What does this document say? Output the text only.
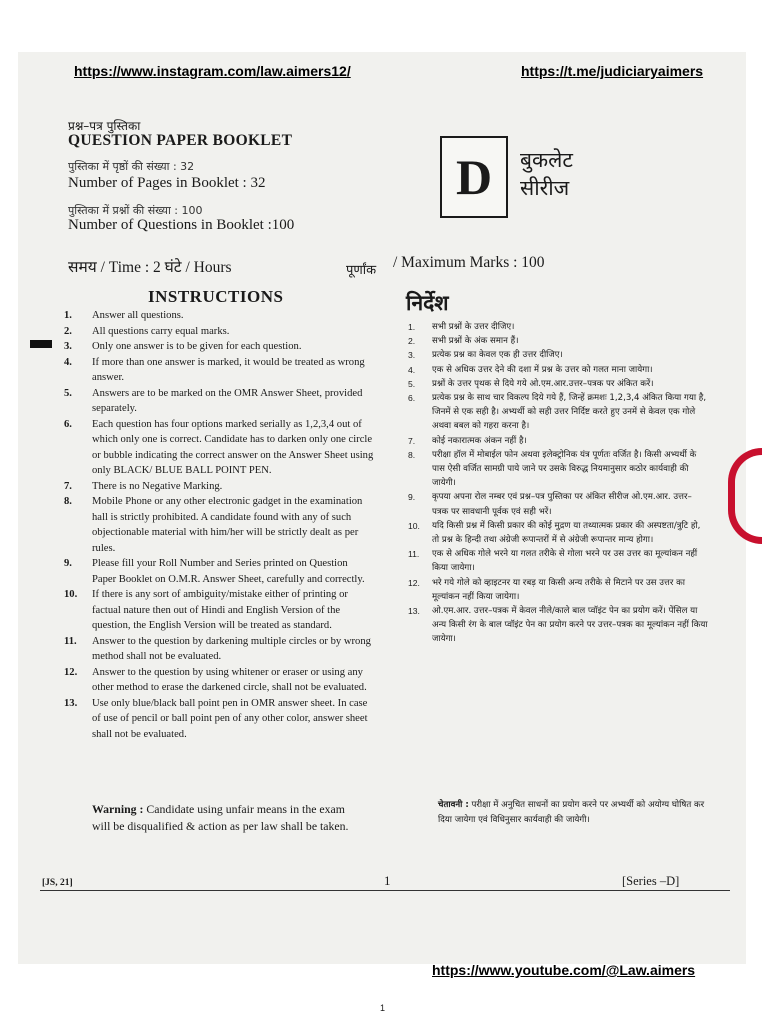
https://www.instagram.com/law.aimers12/	https://t.me/judiciaryaimers
प्रश्न–पत्र पुस्तिका
QUESTION PAPER BOOKLET
पुस्तिका में पृष्ठों की संख्या : 32
Number of Pages in Booklet : 32
पुस्तिका में प्रश्नों की संख्या : 100
Number of Questions in Booklet :100
D बुकलेट
सीरीज
समय / Time : 2 घंटे / Hours	पूर्णांक / Maximum Marks : 100
INSTRUCTIONS
1.	Answer all questions.
2.	All questions carry equal marks.
3.	Only one answer is to be given for each question.
4.	If more than one answer is marked, it would be treated as wrong answer.
5.	Answers are to be marked on the OMR Answer Sheet, provided separately.
6.	Each question has four options marked serially as 1,2,3,4 out of which only one is correct. Candidate has to darken only one circle or bubble indicating the correct answer on the Answer Sheet using only BLACK/ BLUE BALL POINT PEN.
7.	There is no Negative Marking.
8.	Mobile Phone or any other electronic gadget in the examination hall is strictly prohibited. A candidate found with any of such objectionable material with him/her will be strictly dealt as per rules.
9.	Please fill your Roll Number and Series printed on Question Paper Booklet on O.M.R. Answer Sheet, carefully and correctly.
10.	If there is any sort of ambiguity/mistake either of printing or factual nature then out of Hindi and English Version of the question, the English Version will be treated as standard.
11.	Answer to the question by darkening multiple circles or by wrong method shall not be evaluated.
12.	Answer to the question by using whitener or eraser or using any other method to erase the darkened circle, shall not be evaluated.
13.	Use only blue/black ball point pen in OMR answer sheet. In case of use of pencil or ball point pen of any other color, answer sheet shall not be evaluated.
Warning : Candidate using unfair means in the exam will be disqualified & action as per law shall be taken.
निर्देश
1.	सभी प्रश्नों के उत्तर दीजिए।
2.	सभी प्रश्नों के अंक समान हैं।
3.	प्रत्येक प्रश्न का केवल एक ही उत्तर दीजिए।
4.	एक से अधिक उत्तर देने की दशा में प्रश्न के उत्तर को गलत माना जायेगा।
5.	प्रश्नों के उत्तर पृथक से दिये गये ओ.एम.आर.उत्तर–पत्रक पर अंकित करें।
6.	प्रत्येक प्रश्न के साथ चार विकल्प दिये गये हैं, जिन्हें क्रमशः 1,2,3,4 अंकित किया गया है, जिनमें से एक सही है। अभ्यर्थी को सही उत्तर निर्दिष्ट करते हुए उनमें से केवल एक गोले अथवा बबल को गहरा करना है।
7.	कोई नकारात्मक अंकन नहीं है।
8.	परीक्षा हॉल में मोबाईल फोन अथवा इलेक्ट्रोनिक यंत्र पूर्णतः वर्जित है। किसी अभ्यर्थी के पास ऐसी वर्जित सामग्री पाये जाने पर उसके विरुद्ध नियमानुसार कठोर कार्यवाही की जायेगी।
9.	कृपया अपना रोल नम्बर एवं प्रश्न–पत्र पुस्तिका पर अंकित सीरीज ओ.एम.आर. उत्तर–पत्रक पर सावधानी पूर्वक एवं सही भरें।
10.	यदि किसी प्रश्न में किसी प्रकार की कोई मुद्रण या तथ्यात्मक प्रकार की अस्पष्टता/त्रुटि हो, तो प्रश्न के हिन्दी तथा अंग्रेजी रूपान्तरों में से अंग्रेजी रूपान्तर मान्य होगा।
11.	एक से अधिक गोले भरने या गलत तरीके से गोला भरने पर उस उत्तर का मूल्यांकन नहीं किया जायेगा।
12.	भरे गये गोले को व्हाइटनर या रबड़ या किसी अन्य तरीके से मिटाने पर उस उत्तर का मूल्यांकन नहीं किया जायेगा।
13.	ओ.एम.आर. उत्तर–पत्रक में केवल नीले/काले बाल प्वॉइंट पेन का प्रयोग करें। पेंसिल या अन्य किसी रंग के बाल प्वॉइंट पेन का प्रयोग करने पर उत्तर–पत्रक का मूल्यांकन नहीं किया जायेगा।
चेतावनी : परीक्षा में अनुचित साधनों का प्रयोग करने पर अभ्यर्थी को अयोग्य घोषित कर दिया जायेगा एवं विधिनुसार कार्यवाही की जायेगी।
[JS, 21]	1	[Series –D]
https://www.youtube.com/@Law.aimers
1
